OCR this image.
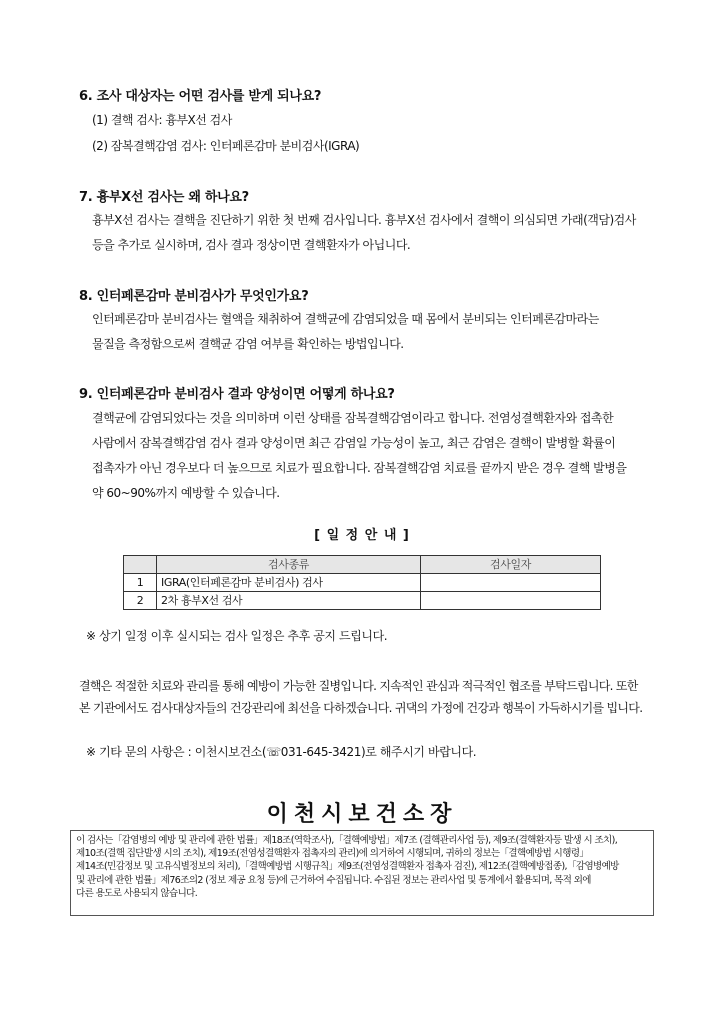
6. 조사 대상자는 어떤 검사를 받게 되나요?
(1) 결핵 검사: 흉부X선 검사
(2) 잠복결핵감염 검사: 인터페론감마 분비검사(IGRA)
7. 흉부X선 검사는 왜 하나요?
흉부X선 검사는 결핵을 진단하기 위한 첫 번째 검사입니다. 흉부X선 검사에서 결핵이 의심되면 가래(객담)검사
등을 추가로 실시하며, 검사 결과 정상이면 결핵환자가 아닙니다.
8. 인터페론감마 분비검사가 무엇인가요?
인터페론감마 분비검사는 혈액을 채취하여 결핵균에 감염되었을 때 몸에서 분비되는 인터페론감마라는
물질을 측정함으로써 결핵균 감염 여부를 확인하는 방법입니다.
9. 인터페론감마 분비검사 결과 양성이면 어떻게 하나요?
결핵균에 감염되었다는 것을 의미하며 이런 상태를 잠복결핵감염이라고 합니다. 전염성결핵환자와 접촉한
사람에서 잠복결핵감염 검사 결과 양성이면 최근 감염일 가능성이 높고, 최근 감염은 결핵이 발병할 확률이
접촉자가 아닌 경우보다 더 높으므로 치료가 필요합니다. 잠복결핵감염 치료를 끝까지 받은 경우 결핵 발병을
약 60~90%까지 예방할 수 있습니다.
[ 일 정 안 내 ]
	검사종류	검사일자
1	IGRA(인터페론감마 분비검사) 검사	
2	2차 흉부X선 검사	
※ 상기 일정 이후 실시되는 검사 일정은 추후 공지 드립니다.
결핵은 적절한 치료와 관리를 통해 예방이 가능한 질병입니다. 지속적인 관심과 적극적인 협조를 부탁드립니다. 또한
본 기관에서도 검사대상자들의 건강관리에 최선을 다하겠습니다. 귀댁의 가정에 건강과 행복이 가득하시기를 빕니다.
※ 기타 문의 사항은 : 이천시보건소(☏031-645-3421)로 해주시기 바랍니다.
이천시보건소장
이 검사는「감염병의 예방 및 관리에 관한 법률」제18조(역학조사),「결핵예방법」제7조 (결핵관리사업 등), 제9조(결핵환자등 발생 시 조치),
제10조(결핵 집단발생 시의 조치), 제19조(전염성결핵환자 접촉자의 관리)에 의거하여 시행되며, 귀하의 정보는「결핵예방법 시행령」
제14조(민감정보 및 고유식별정보의 처리),「결핵예방법 시행규칙」제9조(전염성결핵환자 접촉자 검진), 제12조(결핵예방접종),「감염병예방
및 관리에 관한 법률」제76조의2 (정보 제공 요청 등)에 근거하여 수집됩니다. 수집된 정보는 관리사업 및 통계에서 활용되며, 목적 외에
다른 용도로 사용되지 않습니다.
